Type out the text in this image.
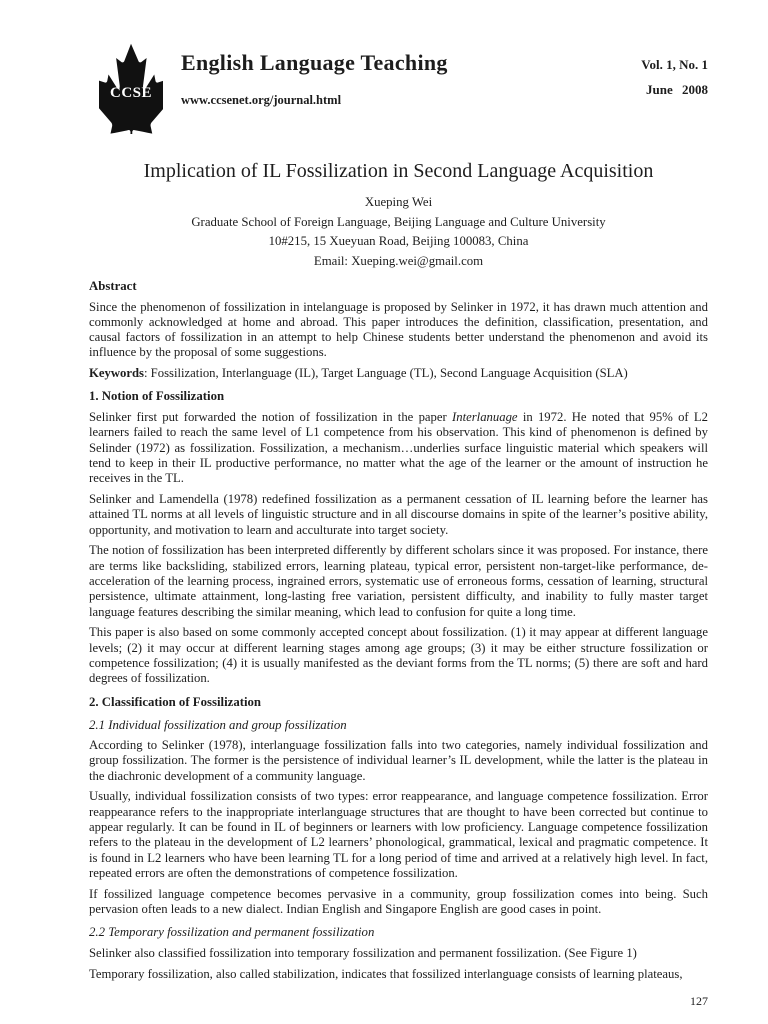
CCSE
English Language Teaching
www.ccsenet.org/journal.html
Vol. 1, No. 1
June 2008
Implication of IL Fossilization in Second Language Acquisition
Xueping Wei
Graduate School of Foreign Language, Beijing Language and Culture University
10#215, 15 Xueyuan Road, Beijing 100083, China
Email: Xueping.wei@gmail.com
Abstract

Since the phenomenon of fossilization in intelanguage is proposed by Selinker in 1972, it has drawn much attention and commonly acknowledged at home and abroad. This paper introduces the definition, classification, presentation, and causal factors of fossilization in an attempt to help Chinese students better understand the phenomenon and avoid its influence by the proposal of some suggestions.

Keywords: Fossilization, Interlanguage (IL), Target Language (TL), Second Language Acquisition (SLA)

1. Notion of Fossilization

Selinker first put forwarded the notion of fossilization in the paper Interlanuage in 1972. He noted that 95% of L2 learners failed to reach the same level of L1 competence from his observation. This kind of phenomenon is defined by Selinder (1972) as fossilization. Fossilization, a mechanism…underlies surface linguistic material which speakers will tend to keep in their IL productive performance, no matter what the age of the learner or the amount of instruction he receives in the TL.

Selinker and Lamendella (1978) redefined fossilization as a permanent cessation of IL learning before the learner has attained TL norms at all levels of linguistic structure and in all discourse domains in spite of the learner’s positive ability, opportunity, and motivation to learn and acculturate into target society.

The notion of fossilization has been interpreted differently by different scholars since it was proposed. For instance, there are terms like backsliding, stabilized errors, learning plateau, typical error, persistent non-target-like performance, de-acceleration of the learning process, ingrained errors, systematic use of erroneous forms, cessation of learning, structural persistence, ultimate attainment, long-lasting free variation, persistent difficulty, and inability to fully master target language features describing the similar meaning, which lead to confusion for quite a long time.

This paper is also based on some commonly accepted concept about fossilization. (1) it may appear at different language levels; (2) it may occur at different learning stages among age groups; (3) it may be either structure fossilization or competence fossilization; (4) it is usually manifested as the deviant forms from the TL norms; (5) there are soft and hard degrees of fossilization.

2. Classification of Fossilization
2.1 Individual fossilization and group fossilization

According to Selinker (1978), interlanguage fossilization falls into two categories, namely individual fossilization and group fossilization. The former is the persistence of individual learner’s IL development, while the latter is the plateau in the diachronic development of a community language.

Usually, individual fossilization consists of two types: error reappearance, and language competence fossilization. Error reappearance refers to the inappropriate interlanguage structures that are thought to have been corrected but continue to appear regularly. It can be found in IL of beginners or learners with low proficiency. Language competence fossilization refers to the plateau in the development of L2 learners’ phonological, grammatical, lexical and pragmatic competence. It is found in L2 learners who have been learning TL for a long period of time and arrived at a relatively high level. In fact, repeated errors are often the demonstrations of competence fossilization.

If fossilized language competence becomes pervasive in a community, group fossilization comes into being. Such pervasion often leads to a new dialect. Indian English and Singapore English are good cases in point.

2.2 Temporary fossilization and permanent fossilization

Selinker also classified fossilization into temporary fossilization and permanent fossilization. (See Figure 1)

Temporary fossilization, also called stabilization, indicates that fossilized interlanguage consists of learning plateaus,

127
